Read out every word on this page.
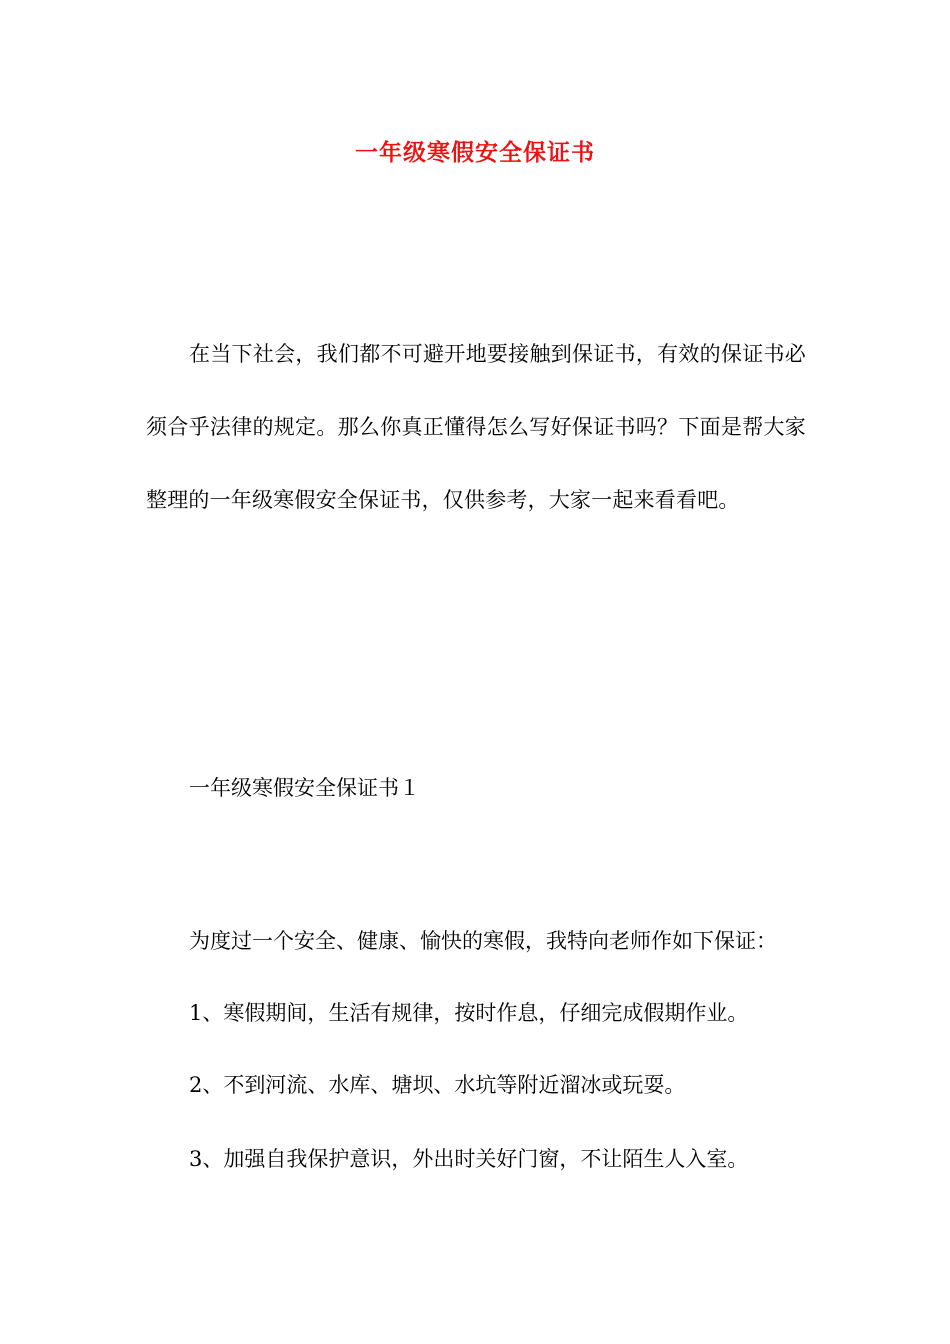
一年级寒假安全保证书

在当下社会，我们都不可避开地要接触到保证书，有效的保证书必须合乎法律的规定。那么你真正懂得怎么写好保证书吗？下面是帮大家整理的一年级寒假安全保证书，仅供参考，大家一起来看看吧。

一年级寒假安全保证书１

为度过一个安全、健康、愉快的寒假，我特向老师作如下保证：

1、寒假期间，生活有规律，按时作息，仔细完成假期作业。

2、不到河流、水库、塘坝、水坑等附近溜冰或玩耍。

3、加强自我保护意识，外出时关好门窗，不让陌生人入室。
